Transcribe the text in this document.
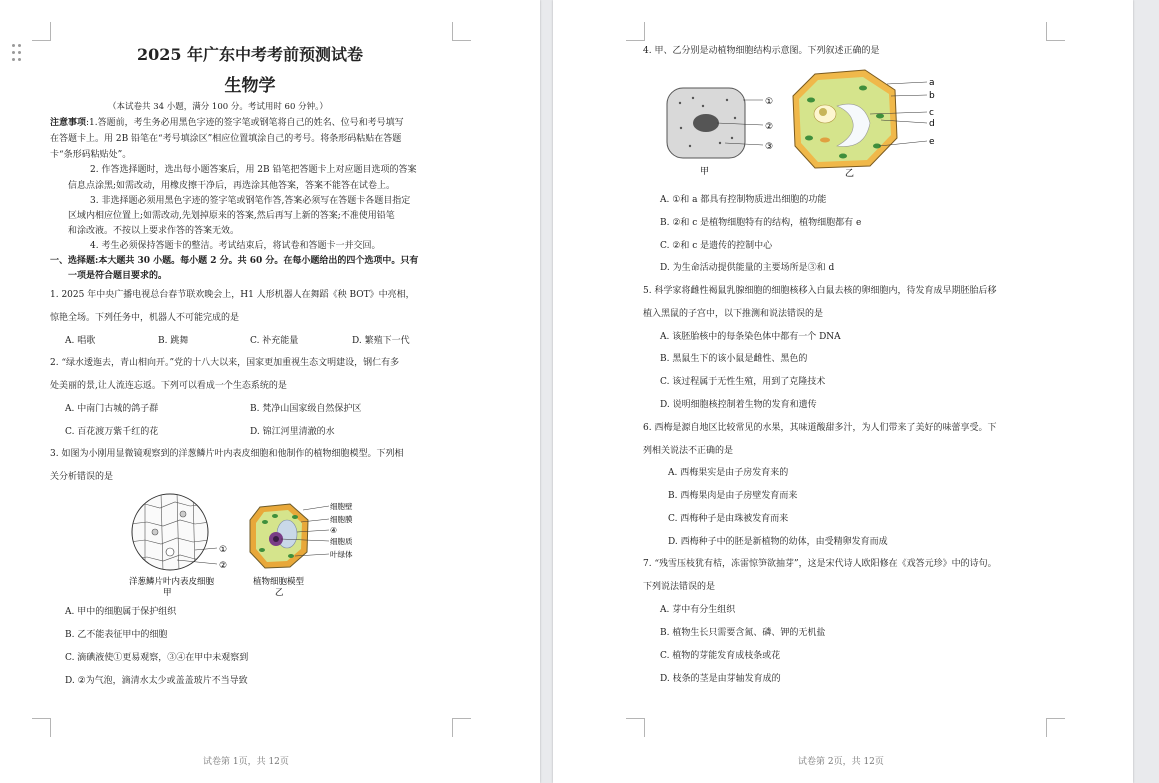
2025 年广东中考考前预测试卷
生物学
（本试卷共 34 小题，满分 100 分。考试用时 60 分钟。）
注意事项:1.答题前，考生务必用黑色字迹的签字笔或钢笔将自己的姓名、位号和考号填写
在答题卡上。用 2B 铅笔在“考号填涂区”相应位置填涂自己的考号。将条形码粘贴在答题
卡“条形码粘贴处”。
2. 作答选择题时，选出每小题答案后，用 2B 铅笔把答题卡上对应题目选项的答案
信息点涂黑;如需改动，用橡皮擦干净后，再选涂其他答案，答案不能答在试卷上。
3. 非选择题必须用黑色字迹的签字笔或钢笔作答,答案必须写在答题卡各题目指定
区域内相应位置上;如需改动,先划掉原来的答案,然后再写上新的答案;不准使用铅笔
和涂改液。不按以上要求作答的答案无效。
4. 考生必须保持答题卡的整洁。考试结束后，将试卷和答题卡一并交回。
一、选择题:本大题共 30 小题。每小题 2 分。共 60 分。在每小题给出的四个选项中。只有
一项是符合题目要求的。
1. 2025 年中央广播电视总台春节联欢晚会上，H1 人形机器人在舞蹈《秧 BOT》中亮相，
惊艳全场。下列任务中，机器人不可能完成的是
A. 唱歌	B. 跳舞	C. 补充能量	D. 繁殖下一代
2. “绿水逶迤去，青山相向开。”党的十八大以来，国家更加重视生态文明建设，钢仁有多
处美丽的景,让人流连忘返。下列可以看成一个生态系统的是
A. 中南门古城的鸽子群	B. 梵净山国家级自然保护区
C. 百花渡万紫千红的花	D. 锦江河里清澈的水
3. 如图为小刚用显微镜观察到的洋葱鳞片叶内表皮细胞和他制作的植物细胞模型。下列相
关分析错误的是
①
②
细胞壁
细胞膜
④
细胞质
叶绿体
洋葱鳞片叶内表皮细胞
甲
植物细胞模型
乙
A. 甲中的细胞属于保护组织
B. 乙不能表征甲中的细胞
C. 滴碘液使①更易观察，③④在甲中未观察到
D. ②为气泡，滴清水太少或盖盖玻片不当导致
试卷第 1页，共 12页
4. 甲、乙分别是动植物细胞结构示意图。下列叙述正确的是
①
②
③
甲
a
b
c
d
e
乙
A. ①和 a 都具有控制物质进出细胞的功能
B. ②和 c 是植物细胞特有的结构，植物细胞都有 e
C. ②和 c 是遗传的控制中心
D. 为生命活动提供能量的主要场所是③和 d
5. 科学家将雌性褐鼠乳腺细胞的细胞核移入白鼠去核的卵细胞内，待发育成早期胚胎后移
植入黑鼠的子宫中，以下推测和说法错误的是
A. 该胚胎核中的每条染色体中都有一个 DNA
B. 黑鼠生下的该小鼠是雌性、黑色的
C. 该过程属于无性生殖，用到了克隆技术
D. 说明细胞核控制着生物的发育和遗传
6. 西梅是源自地区比较常见的水果，其味道酸甜多汁，为人们带来了美好的味蕾享受。下
列相关说法不正确的是
A. 西梅果实是由子房发育来的
B. 西梅果肉是由子房壁发育而来
C. 西梅种子是由珠被发育而来
D. 西梅种子中的胚是新植物的幼体，由受精卵发育而成
7. “残雪压枝犹有桔，冻雷惊笋欲抽芽”，这是宋代诗人欧阳修在《戏答元珍》中的诗句。
下列说法错误的是
A. 芽中有分生组织
B. 植物生长只需要含氮、磷、钾的无机盐
C. 植物的芽能发育成枝条或花
D. 枝条的茎是由芽轴发育成的
试卷第 2页，共 12页
